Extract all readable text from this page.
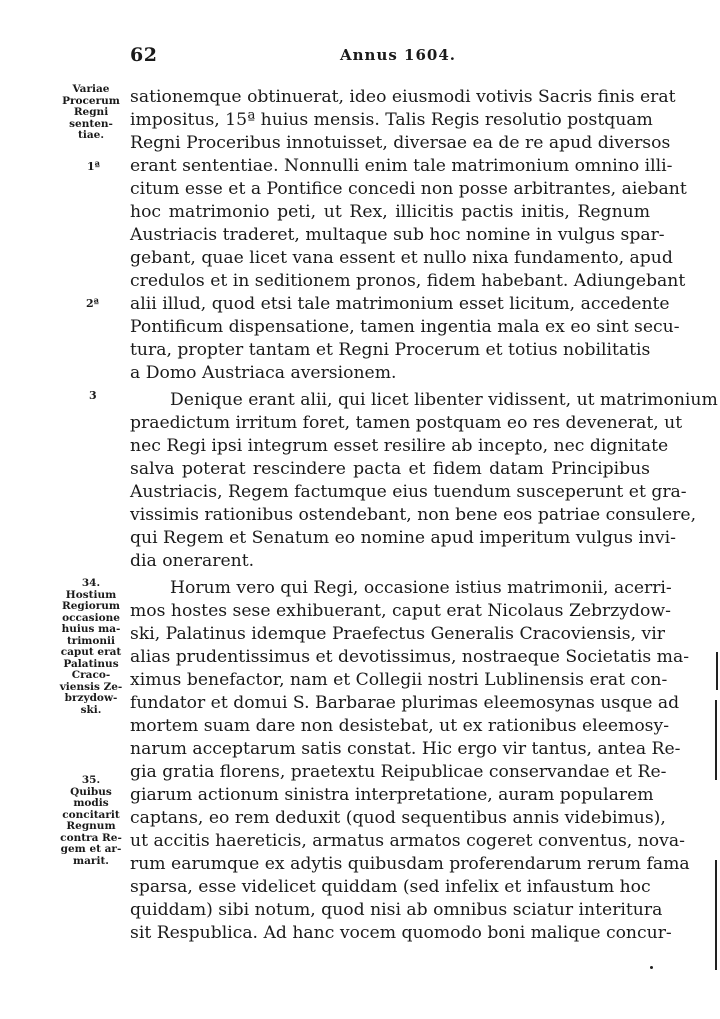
62	Annus 1604.
sationemque obtinuerat, ideo eiusmodi votivis Sacris finis erat
impositus, 15ª huius mensis. Talis Regis resolutio postquam
Regni Proceribus innotuisset, diversae ea de re apud diversos
erant sententiae. Nonnulli enim tale matrimonium omnino illi-
citum esse et a Pontifice concedi non posse arbitrantes, aiebant
hoc matrimonio peti, ut Rex, illicitis pactis initis, Regnum
Austriacis traderet, multaque sub hoc nomine in vulgus spar-
gebant, quae licet vana essent et nullo nixa fundamento, apud
credulos et in seditionem pronos, fidem habebant. Adiungebant
alii illud, quod etsi tale matrimonium esset licitum, accedente
Pontificum dispensatione, tamen ingentia mala ex eo sint secu-
tura, propter tantam et Regni Procerum et totius nobilitatis
a Domo Austriaca aversionem.
Denique erant alii, qui licet libenter vidissent, ut matrimonium
praedictum irritum foret, tamen postquam eo res devenerat, ut
nec Regi ipsi integrum esset resilire ab incepto, nec dignitate
salva poterat rescindere pacta et fidem datam Principibus
Austriacis, Regem factumque eius tuendum susceperunt et gra-
vissimis rationibus ostendebant, non bene eos patriae consulere,
qui Regem et Senatum eo nomine apud imperitum vulgus invi-
dia onerarent.
Horum vero qui Regi, occasione istius matrimonii, acerri-
mos hostes sese exhibuerant, caput erat Nicolaus Zebrzydow-
ski, Palatinus idemque Praefectus Generalis Cracoviensis, vir
alias prudentissimus et devotissimus, nostraeque Societatis ma-
ximus benefactor, nam et Collegii nostri Lublinensis erat con-
fundator et domui S. Barbarae plurimas eleemosynas usque ad
mortem suam dare non desistebat, ut ex rationibus eleemosy-
narum acceptarum satis constat. Hic ergo vir tantus, antea Re-
gia gratia florens, praetextu Reipublicae conservandae et Re-
giarum actionum sinistra interpretatione, auram popularem
captans, eo rem deduxit (quod sequentibus annis videbimus),
ut accitis haereticis, armatus armatos cogeret conventus, nova-
rum earumque ex adytis quibusdam proferendarum rerum fama
sparsa, esse videlicet quiddam (sed infelix et infaustum hoc
quiddam) sibi notum, quod nisi ab omnibus sciatur interitura
sit Respublica. Ad hanc vocem quomodo boni malique concur-
Variae
Procerum
Regni
senten-
tiae.
1ª
2ª
3
34.
Hostium
Regiorum
occasione
huius ma-
trimonii
caput erat
Palatinus
Craco-
viensis Ze-
brzydow-
ski.
35.
Quibus
modis
concitarit
Regnum
contra Re-
gem et ar-
marit.
